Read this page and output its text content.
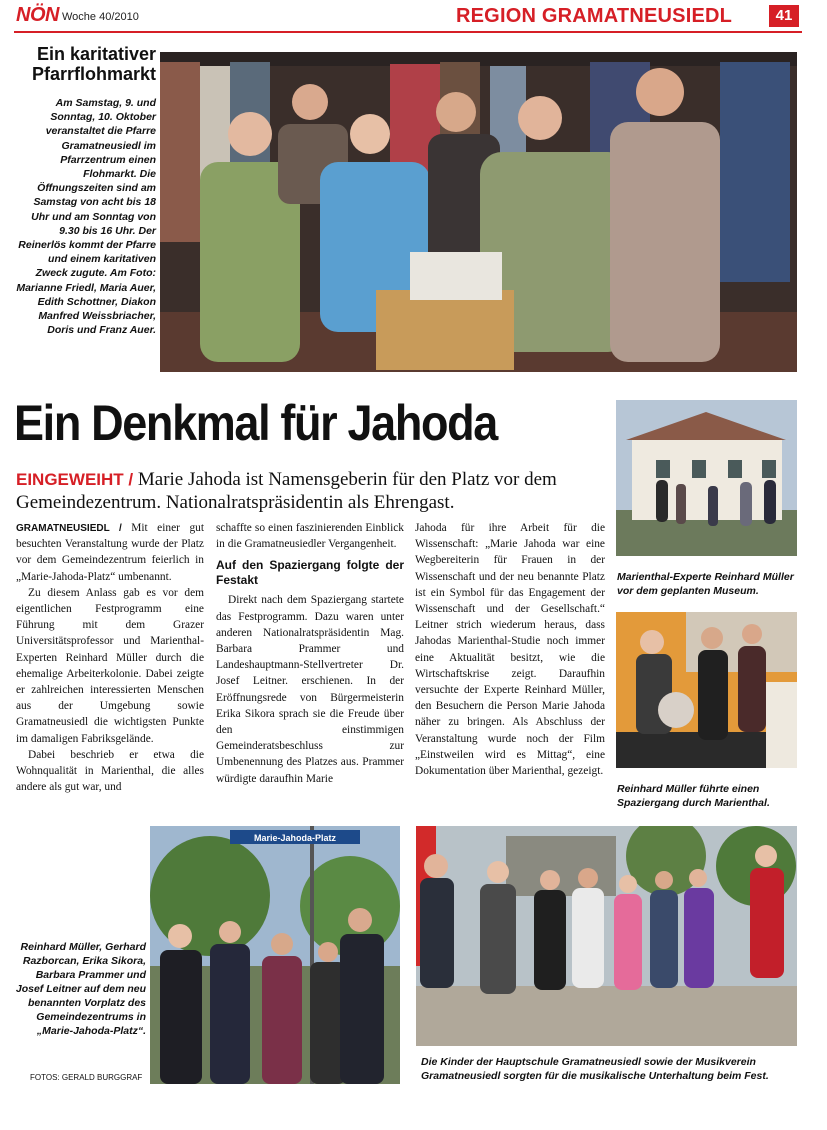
NÖN Woche 40/2010	REGION GRAMATNEUSIEDL	41
Ein karitativer
Pfarrflohmarkt
Am Samstag, 9. und Sonntag, 10. Oktober veranstaltet die Pfarre Gramatneusiedl im Pfarrzentrum einen Flohmarkt. Die Öffnungszeiten sind am Samstag von acht bis 18 Uhr und am Sonntag von 9.30 bis 16 Uhr. Der Reinerlös kommt der Pfarre und einem karitativen Zweck zugute. Am Foto: Marianne Friedl, Maria Auer, Edith Schottner, Diakon Manfred Weissbriacher, Doris und Franz Auer.
Ein Denkmal für Jahoda
EINGEWEIHT / Marie Jahoda ist Namensgeberin für den Platz vor dem Gemeindezentrum. Nationalratspräsidentin als Ehrengast.
Marienthal-Experte Reinhard Müller vor dem geplanten Museum.
Reinhard Müller führte einen Spaziergang durch Marienthal.

GRAMATNEUSIEDL / Mit einer gut besuchten Veranstaltung wurde der Platz vor dem Gemeindezentrum feierlich in „Marie-Jahoda-Platz“ umbenannt.

Zu diesem Anlass gab es vor dem eigentlichen Festprogramm eine Führung mit dem Grazer Universitätsprofessor und Marienthal-Experten Reinhard Müller durch die ehemalige Arbeiterkolonie. Dabei zeigte er zahlreichen interessierten Menschen aus der Umgebung sowie Gramatneusiedl die wichtigsten Punkte im damaligen Fabriksgelände.

Dabei beschrieb er etwa die Wohnqualität in Marienthal, die alles andere als gut war, und

schaffte so einen faszinierenden Einblick in die Gramatneusiedler Vergangenheit.

Auf den Spaziergang folgte der Festakt

Direkt nach dem Spaziergang startete das Festprogramm. Dazu waren unter anderen Nationalratspräsidentin Mag. Barbara Prammer und Landeshauptmann-Stellvertreter Dr. Josef Leitner. erschienen. In der Eröffnungsrede von Bürgermeisterin Erika Sikora sprach sie die Freude über den einstimmigen Gemeinderatsbeschluss zur Umbenennung des Platzes aus. Prammer würdigte daraufhin Marie

Jahoda für ihre Arbeit für die Wissenschaft: „Marie Jahoda war eine Wegbereiterin für Frauen in der Wissenschaft und der neu benannte Platz ist ein Symbol für das Engagement der Wissenschaft und der Gesellschaft.“ Leitner strich wiederum heraus, dass Jahodas Marienthal-Studie noch immer eine Aktualität besitzt, wie die Wirtschaftskrise zeigt. Daraufhin versuchte der Experte Reinhard Müller, den Besuchern die Person Marie Jahoda näher zu bringen. Als Abschluss der Veranstaltung wurde noch der Film „Einstweilen wird es Mittag“, eine Dokumentation über Marienthal, gezeigt.

Marie-Jahoda-Platz
Reinhard Müller, Gerhard Razborcan, Erika Sikora, Barbara Prammer und Josef Leitner auf dem neu benannten Vorplatz des Gemeindezentrums in „Marie-Jahoda-Platz“.
FOTOS: GERALD BURGGRAF
Die Kinder der Hauptschule Gramatneusiedl sowie der Musikverein Gramatneusiedl sorgten für die musikalische Unterhaltung beim Fest.
